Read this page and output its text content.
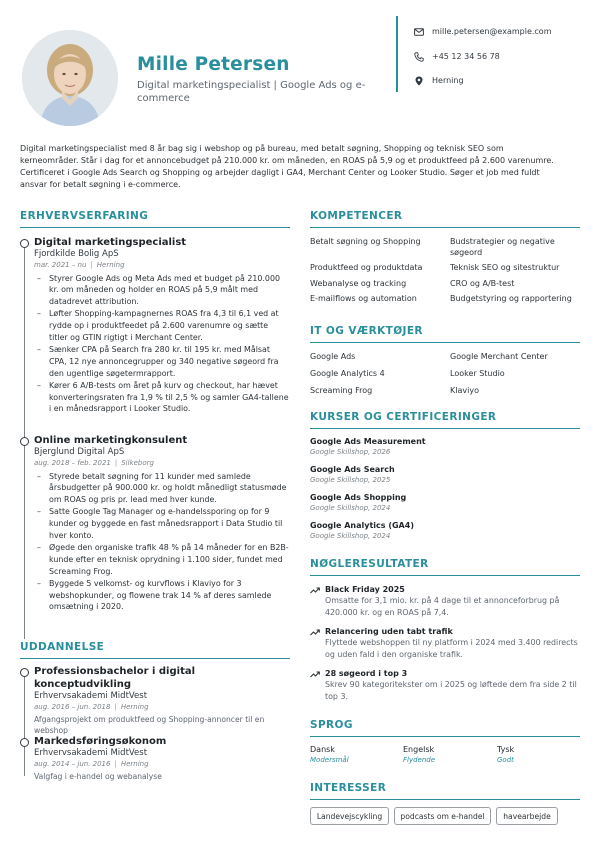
Mille Petersen
Digital marketingspecialist | Google Ads og e-commerce
mille.petersen@example.com
+45 12 34 56 78
Herning
Digital marketingspecialist med 8 år bag sig i webshop og på bureau, med betalt søgning, Shopping og teknisk SEO som kerneområder. Står i dag for et annoncebudget på 210.000 kr. om måneden, en ROAS på 5,9 og et produktfeed på 2.600 varenumre. Certificeret i Google Ads Search og Shopping og arbejder dagligt i GA4, Merchant Center og Looker Studio. Søger et job med fuldt ansvar for betalt søgning i e-commerce.
ERHVERVSERFARING
Digital marketingspecialist
Fjordkilde Bolig ApS
mar. 2021 – nu | Herning
– Styrer Google Ads og Meta Ads med et budget på 210.000 kr. om måneden og holder en ROAS på 5,9 målt med datadrevet attribution.
– Løfter Shopping-kampagnernes ROAS fra 4,3 til 6,1 ved at rydde op i produktfeedet på 2.600 varenumre og sætte titler og GTIN rigtigt i Merchant Center.
– Sænker CPA på Search fra 280 kr. til 195 kr. med Målsat CPA, 12 nye annoncegrupper og 340 negative søgeord fra den ugentlige søgetermrapport.
– Kører 6 A/B-tests om året på kurv og checkout, har hævet konverteringsraten fra 1,9 % til 2,5 % og samler GA4-tallene i en månedsrapport i Looker Studio.
Online marketingkonsulent
Bjerglund Digital ApS
aug. 2018 – feb. 2021 | Silkeborg
– Styrede betalt søgning for 11 kunder med samlede årsbudgetter på 900.000 kr. og holdt månedligt statusmøde om ROAS og pris pr. lead med hver kunde.
– Satte Google Tag Manager og e-handelssporing op for 9 kunder og byggede en fast månedsrapport i Data Studio til hver konto.
– Øgede den organiske trafik 48 % på 14 måneder for en B2B-kunde efter en teknisk oprydning i 1.100 sider, fundet med Screaming Frog.
– Byggede 5 velkomst- og kurvflows i Klaviyo for 3 webshopkunder, og flowene trak 14 % af deres samlede omsætning i 2020.
UDDANNELSE
Professionsbachelor i digital konceptudvikling
Erhvervsakademi MidtVest
aug. 2016 – jun. 2018 | Herning
Afgangsprojekt om produktfeed og Shopping-annoncer til en webshop
Markedsføringsøkonom
Erhvervsakademi MidtVest
aug. 2014 – jun. 2016 | Herning
Valgfag i e-handel og webanalyse
KOMPETENCER
Betalt søgning og Shopping	Budstrategier og negative søgeord
Produktfeed og produktdata	Teknisk SEO og sitestruktur
Webanalyse og tracking	CRO og A/B-test
E-mailflows og automation	Budgetstyring og rapportering
IT OG VÆRKTØJER
Google Ads	Google Merchant Center
Google Analytics 4	Looker Studio
Screaming Frog	Klaviyo
KURSER OG CERTIFICERINGER
Google Ads Measurement
Google Skillshop, 2026
Google Ads Search
Google Skillshop, 2025
Google Ads Shopping
Google Skillshop, 2024
Google Analytics (GA4)
Google Skillshop, 2024
NØGLERESULTATER
Black Friday 2025
Omsatte for 3,1 mio. kr. på 4 dage til et annonceforbrug på 420.000 kr. og en ROAS på 7,4.
Relancering uden tabt trafik
Flyttede webshoppen til ny platform i 2024 med 3.400 redirects og uden fald i den organiske trafik.
28 søgeord i top 3
Skrev 90 kategoritekster om i 2025 og løftede dem fra side 2 til top 3.
SPROG
Dansk
Modersmål
Engelsk
Flydende
Tysk
Godt
INTERESSER
Landevejscykling	podcasts om e-handel	havearbejde
